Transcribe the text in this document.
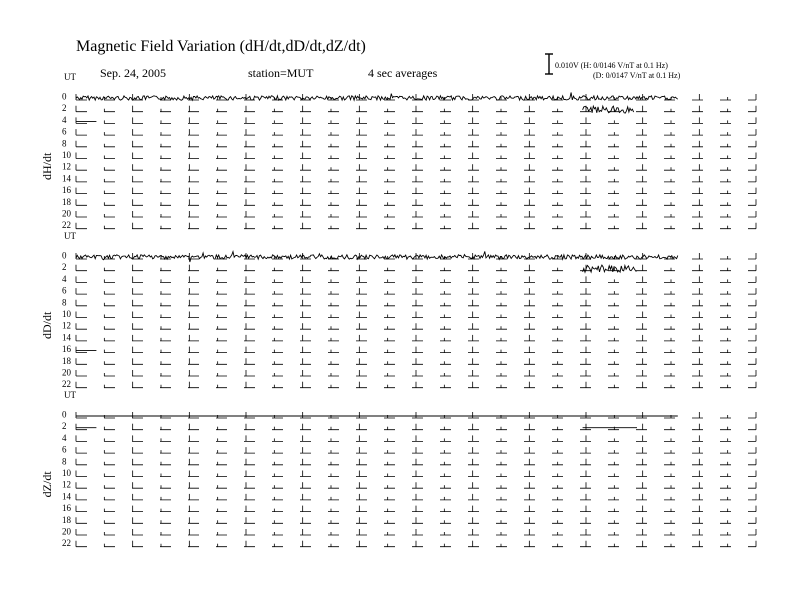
Magnetic Field Variation (dH/dt,dD/dt,dZ/dt)
Sep. 24, 2005	station=MUT	4 sec averages
0.010V (H: 0/0146 V/nT at 0.1 Hz)
(D: 0/0147 V/nT at 0.1 Hz)
UT
dH/dt
0
2
4
6
8
10
12
14
16
18
20
22
UT
dD/dt
0
2
4
6
8
10
12
14
16
18
20
22
UT
dZ/dt
0
2
4
6
8
10
12
14
16
18
20
22
